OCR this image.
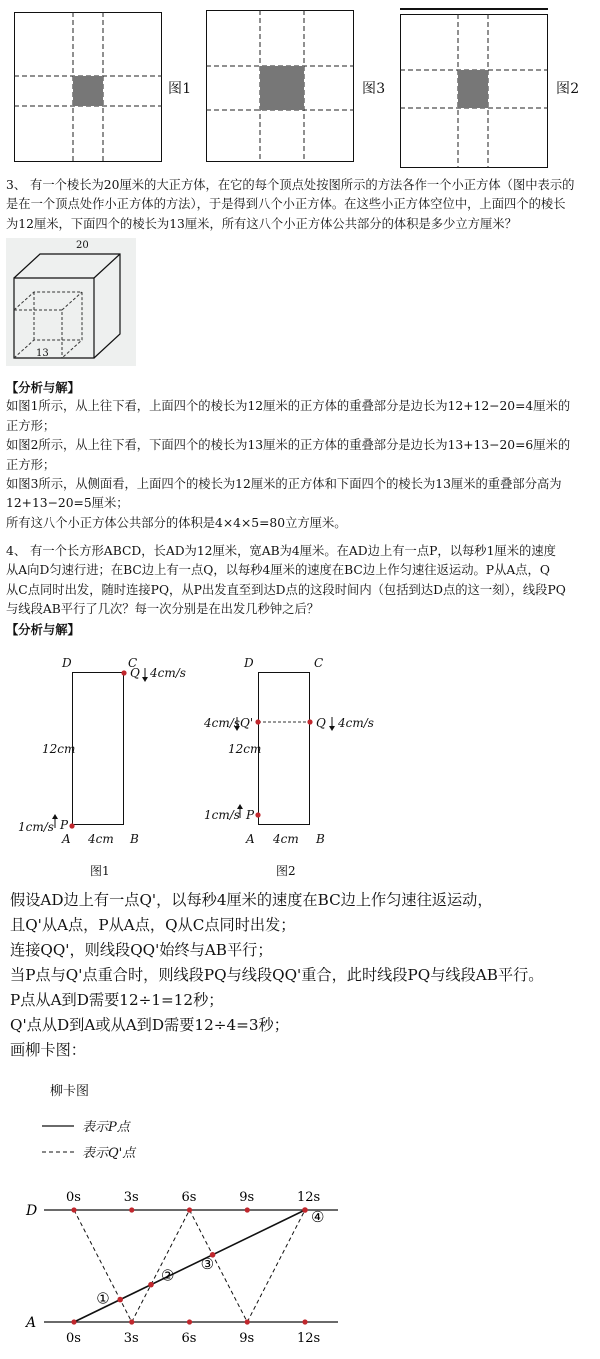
图1	图3	图2
3、 有一个棱长为20厘米的大正方体，在它的每个顶点处按图所示的方法各作一个小正方体（图中表示的
是在一个顶点处作小正方体的方法），于是得到八个小正方体。在这些小正方体空位中，上面四个的棱长
为12厘米，下面四个的棱长为13厘米，所有这八个小正方体公共部分的体积是多少立方厘米？
20
13
【分析与解】
如图1所示，从上往下看，上面四个的棱长为12厘米的正方体的重叠部分是边长为12+12−20=4厘米的
正方形；
如图2所示，从上往下看，下面四个的棱长为13厘米的正方体的重叠部分是边长为13+13−20=6厘米的
正方形；
如图3所示，从侧面看，上面四个的棱长为12厘米的正方体和下面四个的棱长为13厘米的重叠部分高为
12+13−20=5厘米；
所有这八个小正方体公共部分的体积是4×4×5=80立方厘米。
4、 有一个长方形ABCD，长AD为12厘米，宽AB为4厘米。在AD边上有一点P，以每秒1厘米的速度
从A向D匀速行进；在BC边上有一点Q，以每秒4厘米的速度在BC边上作匀速往返运动。P从A点，Q
从C点同时出发，随时连接PQ，从P出发直至到达D点的这段时间内（包括到达D点的这一刻），线段PQ
与线段AB平行了几次？每一次分别是在出发几秒钟之后？
【分析与解】
D	C
Q 4cm/s
12cm
1cm/s P
A 4cm B
图1
D	C
4cm/s Q'	Q 4cm/s
12cm
1cm/s P
A 4cm B
图2
假设AD边上有一点Q'，以每秒4厘米的速度在BC边上作匀速往返运动，
且Q'从A点，P从A点，Q从C点同时出发；
连接QQ'，则线段QQ'始终与AB平行；
当P点与Q'点重合时，则线段PQ与线段QQ'重合，此时线段PQ与线段AB平行。
P点从A到D需要12÷1=12秒；
Q'点从D到A或从A到D需要12÷4=3秒；
画柳卡图：
柳卡图
表示P点
表示Q'点
D
A
0s
0s
3s
3s
6s
6s
9s
9s
12s
12s
①
②
③
④
